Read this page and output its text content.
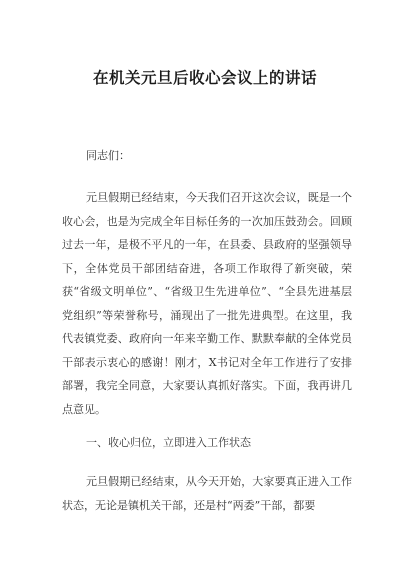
在机关元旦后收心会议上的讲话
同志们：

元旦假期已经结束，今天我们召开这次会议，既是一个收心会，也是为完成全年目标任务的一次加压鼓劲会。回顾过去一年，是极不平凡的一年，在县委、县政府的坚强领导下，全体党员干部团结奋进，各项工作取得了新突破，荣获“省级文明单位”、“省级卫生先进单位”、“全县先进基层党组织”等荣誉称号，涌现出了一批先进典型。在这里，我代表镇党委、政府向一年来辛勤工作、默默奉献的全体党员干部表示衷心的感谢！刚才，X书记对全年工作进行了安排部署，我完全同意，大家要认真抓好落实。下面，我再讲几点意见。

一、收心归位，立即进入工作状态

元旦假期已经结束，从今天开始，大家要真正进入工作状态，无论是镇机关干部，还是村“两委”干部，都要
